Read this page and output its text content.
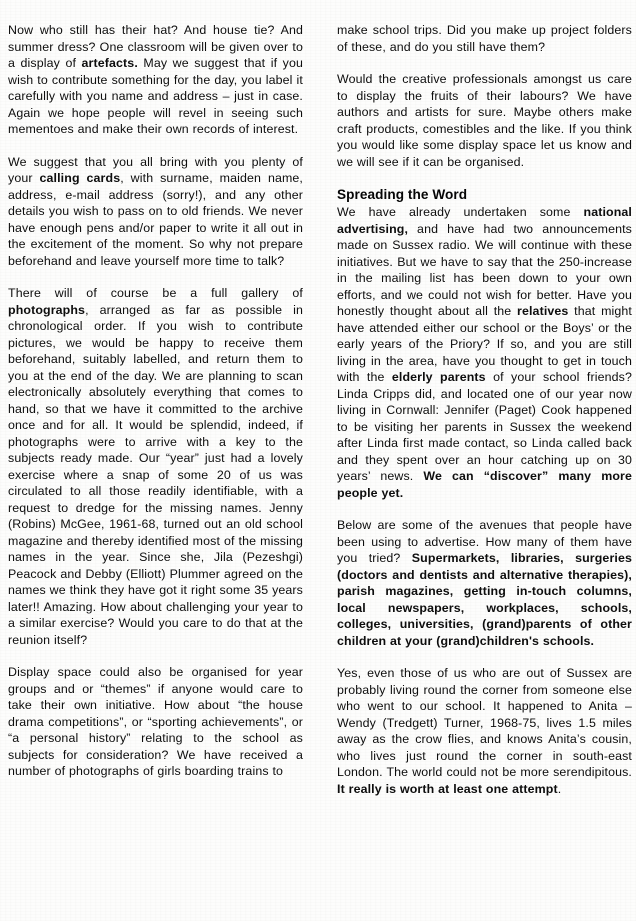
Now who still has their hat? And house tie? And summer dress? One classroom will be given over to a display of artefacts. May we suggest that if you wish to contribute something for the day, you label it carefully with you name and address – just in case. Again we hope people will revel in seeing such mementoes and make their own records of interest.

We suggest that you all bring with you plenty of your calling cards, with surname, maiden name, address, e-mail address (sorry!), and any other details you wish to pass on to old friends. We never have enough pens and/or paper to write it all out in the excitement of the moment. So why not prepare beforehand and leave yourself more time to talk?

There will of course be a full gallery of photographs, arranged as far as possible in chronological order. If you wish to contribute pictures, we would be happy to receive them beforehand, suitably labelled, and return them to you at the end of the day. We are planning to scan electronically absolutely everything that comes to hand, so that we have it committed to the archive once and for all. It would be splendid, indeed, if photographs were to arrive with a key to the subjects ready made. Our “year” just had a lovely exercise where a snap of some 20 of us was circulated to all those readily identifiable, with a request to dredge for the missing names. Jenny (Robins) McGee, 1961-68, turned out an old school magazine and thereby identified most of the missing names in the year. Since she, Jila (Pezeshgi) Peacock and Debby (Elliott) Plummer agreed on the names we think they have got it right some 35 years later!! Amazing. How about challenging your year to a similar exercise? Would you care to do that at the reunion itself?

Display space could also be organised for year groups and or “themes” if anyone would care to take their own initiative. How about “the house drama competitions”, or “sporting achievements”, or “a personal history” relating to the school as subjects for consideration? We have received a number of photographs of girls boarding trains to

make school trips. Did you make up project folders of these, and do you still have them?

Would the creative professionals amongst us care to display the fruits of their labours? We have authors and artists for sure. Maybe others make craft products, comestibles and the like. If you think you would like some display space let us know and we will see if it can be organised.

Spreading the Word

We have already undertaken some national advertising, and have had two announcements made on Sussex radio. We will continue with these initiatives. But we have to say that the 250-increase in the mailing list has been down to your own efforts, and we could not wish for better. Have you honestly thought about all the relatives that might have attended either our school or the Boys’ or the early years of the Priory? If so, and you are still living in the area, have you thought to get in touch with the elderly parents of your school friends? Linda Cripps did, and located one of our year now living in Cornwall: Jennifer (Paget) Cook happened to be visiting her parents in Sussex the weekend after Linda first made contact, so Linda called back and they spent over an hour catching up on 30 years’ news. We can “discover” many more people yet.

Below are some of the avenues that people have been using to advertise. How many of them have you tried? Supermarkets, libraries, surgeries (doctors and dentists and alternative therapies), parish magazines, getting in-touch columns, local newspapers, workplaces, schools, colleges, universities, (grand)parents of other children at your (grand)children's schools.

Yes, even those of us who are out of Sussex are probably living round the corner from someone else who went to our school. It happened to Anita – Wendy (Tredgett) Turner, 1968-75, lives 1.5 miles away as the crow flies, and knows Anita’s cousin, who lives just round the corner in south-east London. The world could not be more serendipitous. It really is worth at least one attempt.
